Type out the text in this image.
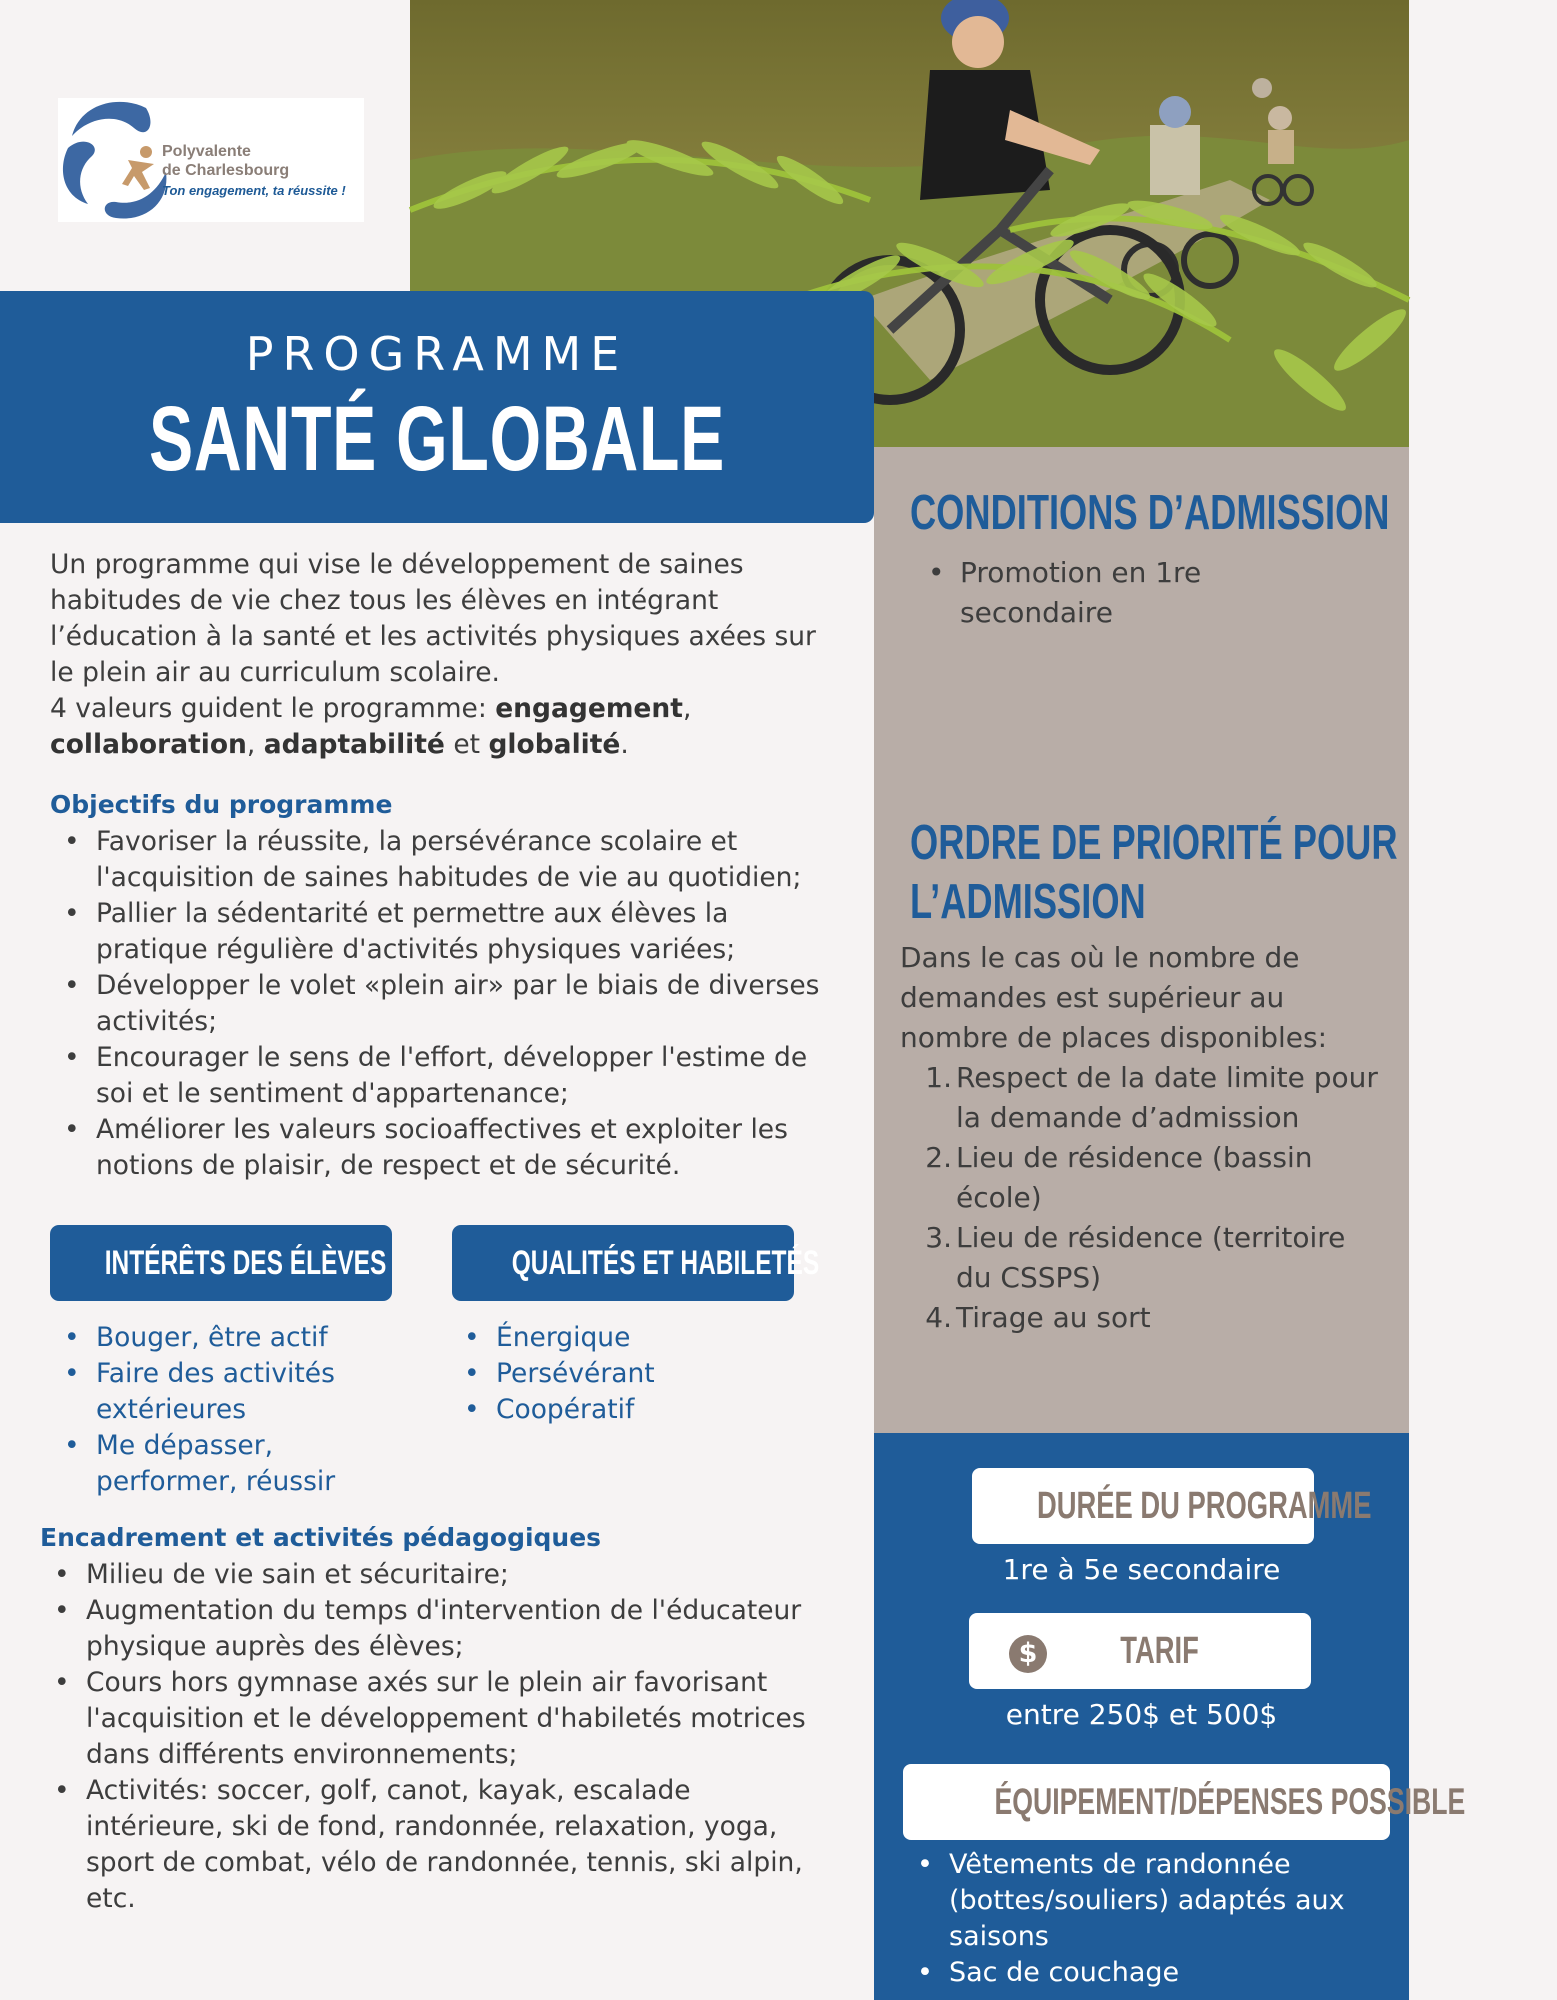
Polyvalente
de Charlesbourg
Ton engagement, ta réussite !
PROGRAMME
SANTÉ GLOBALE
Un programme qui vise le développement de saines habitudes de vie chez tous les élèves en intégrant l’éducation à la santé et les activités physiques axées sur le plein air au curriculum scolaire.
4 valeurs guident le programme: engagement, collaboration, adaptabilité et globalité.
Objectifs du programme
• Favoriser la réussite, la persévérance scolaire et l'acquisition de saines habitudes de vie au quotidien;
• Pallier la sédentarité et permettre aux élèves la pratique régulière d'activités physiques variées;
• Développer le volet «plein air» par le biais de diverses activités;
• Encourager le sens de l'effort, développer l'estime de soi et le sentiment d'appartenance;
• Améliorer les valeurs socioaffectives et exploiter les notions de plaisir, de respect et de sécurité.
INTÉRÊTS DES ÉLÈVES	QUALITÉS ET HABILETÉS
• Bouger, être actif
• Faire des activités extérieures
• Me dépasser, performer, réussir
• Énergique
• Persévérant
• Coopératif
Encadrement et activités pédagogiques
• Milieu de vie sain et sécuritaire;
• Augmentation du temps d'intervention de l'éducateur physique auprès des élèves;
• Cours hors gymnase axés sur le plein air favorisant l'acquisition et le développement d'habiletés motrices dans différents environnements;
• Activités: soccer, golf, canot, kayak, escalade intérieure, ski de fond, randonnée, relaxation, yoga, sport de combat, vélo de randonnée, tennis, ski alpin, etc.
CONDITIONS D’ADMISSION
• Promotion en 1re secondaire
ORDRE DE PRIORITÉ POUR
L’ADMISSION
Dans le cas où le nombre de demandes est supérieur au nombre de places disponibles:
1. Respect de la date limite pour la demande d’admission
2. Lieu de résidence (bassin école)
3. Lieu de résidence (territoire du CSSPS)
4. Tirage au sort
DURÉE DU PROGRAMME
1re à 5e secondaire
$ TARIF
entre 250$ et 500$
ÉQUIPEMENT/DÉPENSES POSSIBLE
• Vêtements de randonnée (bottes/souliers) adaptés aux saisons
• Sac de couchage
